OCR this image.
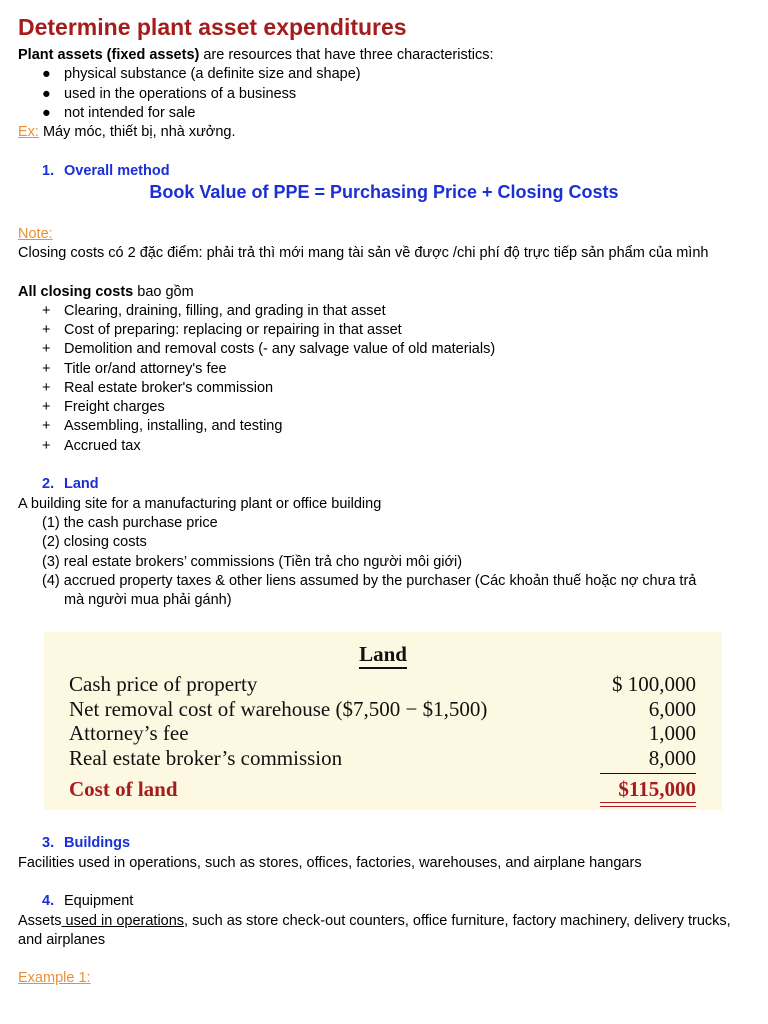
Determine plant asset expenditures
Plant assets (fixed assets) are resources that have three characteristics:
● physical substance (a definite size and shape)
● used in the operations of a business
● not intended for sale
Ex: Máy móc, thiết bị, nhà xưởng.
1. Overall method
Book Value of PPE = Purchasing Price + Closing Costs
Note:
Closing costs có 2 đặc điểm: phải trả thì mới mang tài sản về được /chi phí độ trực tiếp sản phẩm của mình
All closing costs bao gồm
+ Clearing, draining, filling, and grading in that asset
+ Cost of preparing: replacing or repairing in that asset
+ Demolition and removal costs (- any salvage value of old materials)
+ Title or/and attorney's fee
+ Real estate broker's commission
+ Freight charges
+ Assembling, installing, and testing
+ Accrued tax
2. Land
A building site for a manufacturing plant or office building
(1) the cash purchase price
(2) closing costs
(3) real estate brokers’ commissions (Tiền trả cho người môi giới)
(4) accrued property taxes & other liens assumed by the purchaser (Các khoản thuế hoặc nợ chưa trả
mà người mua phải gánh)
Land
Cash price of property	$ 100,000
Net removal cost of warehouse ($7,500 − $1,500)	6,000
Attorney’s fee	1,000
Real estate broker’s commission	8,000
Cost of land	$115,000
3. Buildings
Facilities used in operations, such as stores, offices, factories, warehouses, and airplane hangars
4. Equipment
Assets used in operations, such as store check-out counters, office furniture, factory machinery, delivery trucks, and airplanes
Example 1:
